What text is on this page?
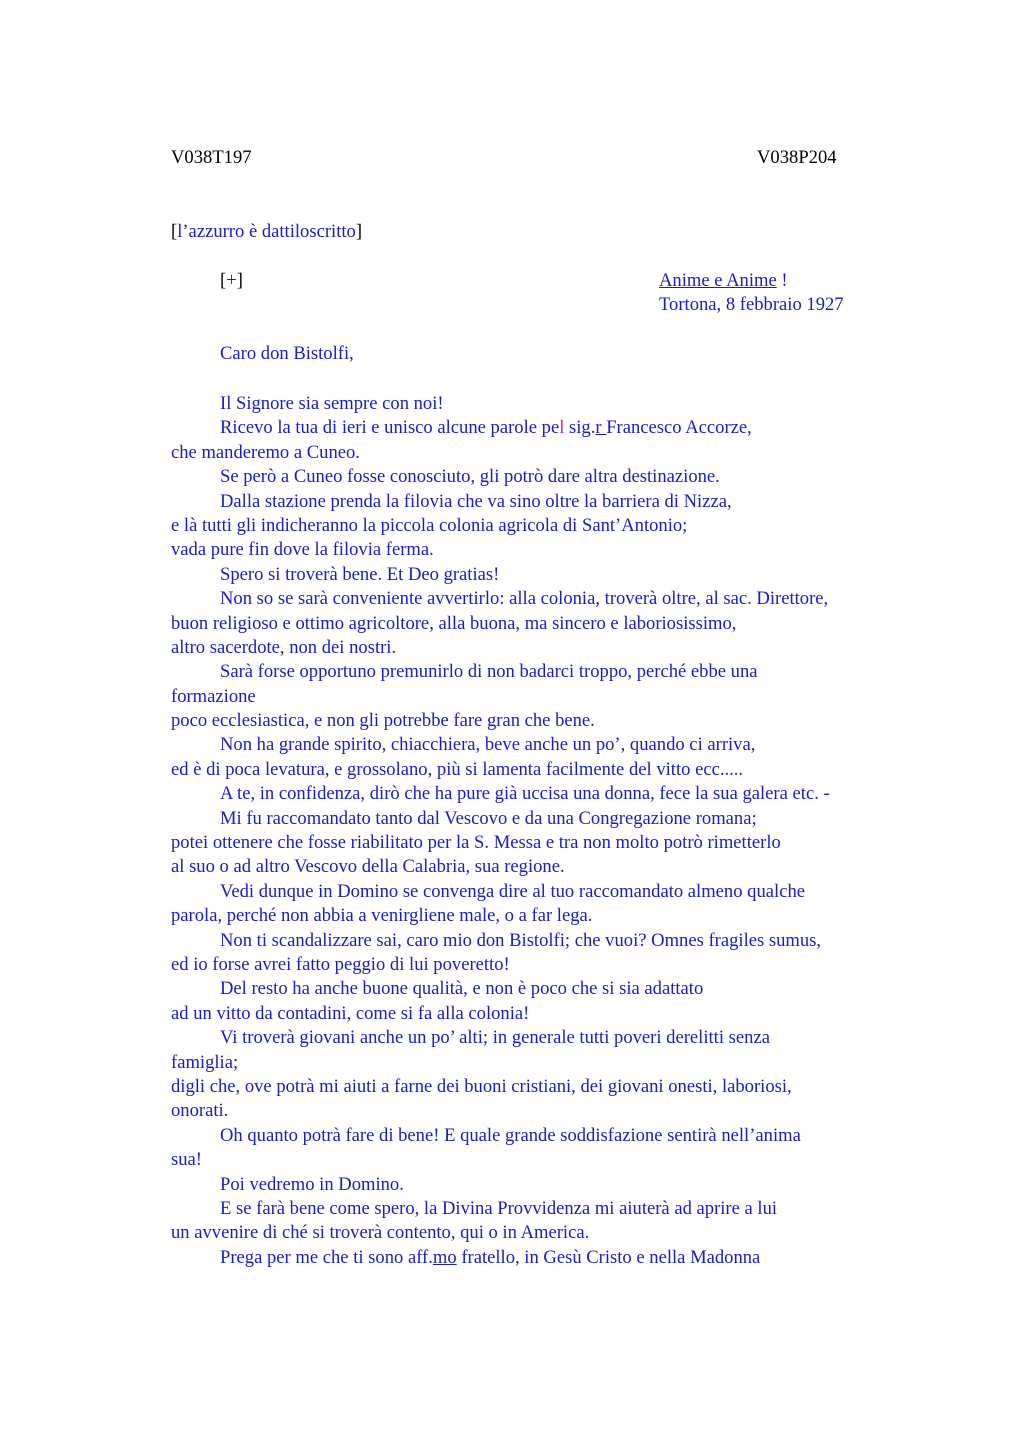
V038T197	V038P204
[l’azzurro è dattiloscritto]
[+]	Anime e Anime !
Tortona, 8 febbraio 1927
Caro don Bistolfi,
Il Signore sia sempre con noi!
Ricevo la tua di ieri e unisco alcune parole pel sig.r Francesco Accorze,
che manderemo a Cuneo.
Se però a Cuneo fosse conosciuto, gli potrò dare altra destinazione.
Dalla stazione prenda la filovia che va sino oltre la barriera di Nizza,
e là tutti gli indicheranno la piccola colonia agricola di Sant’Antonio;
vada pure fin dove la filovia ferma.
Spero si troverà bene. Et Deo gratias!
Non so se sarà conveniente avvertirlo: alla colonia, troverà oltre, al sac. Direttore,
buon religioso e ottimo agricoltore, alla buona, ma sincero e laboriosissimo,
altro sacerdote, non dei nostri.
Sarà forse opportuno premunirlo di non badarci troppo, perché ebbe una
formazione
poco ecclesiastica, e non gli potrebbe fare gran che bene.
Non ha grande spirito, chiacchiera, beve anche un po’, quando ci arriva,
ed è di poca levatura, e grossolano, più si lamenta facilmente del vitto ecc.....
A te, in confidenza, dirò che ha pure già uccisa una donna, fece la sua galera etc. -
Mi fu raccomandato tanto dal Vescovo e da una Congregazione romana;
potei ottenere che fosse riabilitato per la S. Messa e tra non molto potrò rimetterlo
al suo o ad altro Vescovo della Calabria, sua regione.
Vedi dunque in Domino se convenga dire al tuo raccomandato almeno qualche
parola, perché non abbia a venirgliene male, o a far lega.
Non ti scandalizzare sai, caro mio don Bistolfi; che vuoi? Omnes fragiles sumus,
ed io forse avrei fatto peggio di lui poveretto!
Del resto ha anche buone qualità, e non è poco che si sia adattato
ad un vitto da contadini, come si fa alla colonia!
Vi troverà giovani anche un po’ alti; in generale tutti poveri derelitti senza
famiglia;
digli che, ove potrà mi aiuti a farne dei buoni cristiani, dei giovani onesti, laboriosi,
onorati.
Oh quanto potrà fare di bene! E quale grande soddisfazione sentirà nell’anima
sua!
Poi vedremo in Domino.
E se farà bene come spero, la Divina Provvidenza mi aiuterà ad aprire a lui
un avvenire di ché si troverà contento, qui o in America.
Prega per me che ti sono aff.mo fratello, in Gesù Cristo e nella Madonna
